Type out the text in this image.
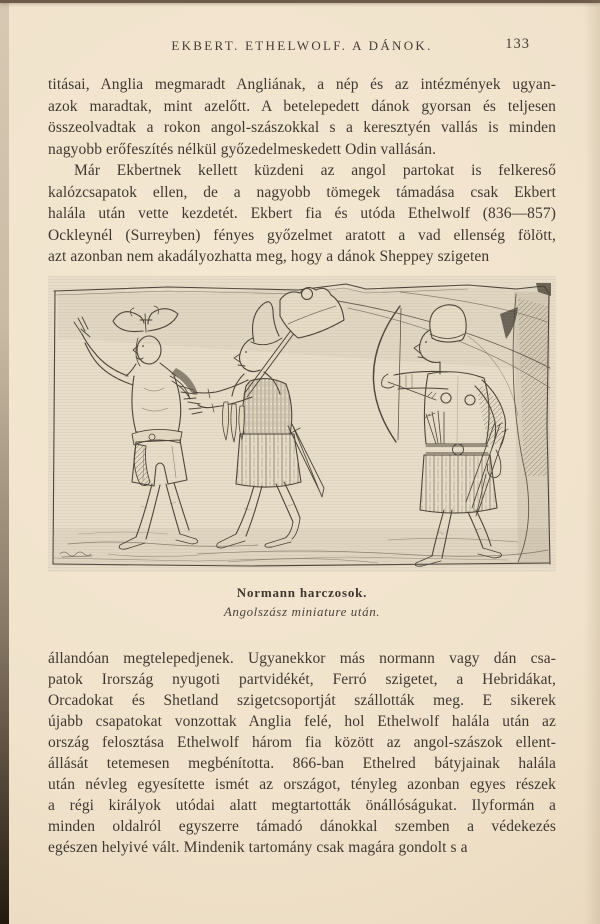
EKBERT. ETHELWOLF. A DÁNOK.	133
titásai, Anglia megmaradt Angliának, a nép és az intézmények ugyan-
azok maradtak, mint azelőtt. A betelepedett dánok gyorsan és teljesen
összeolvadtak a rokon angol-szászokkal s a keresztyén vallás is minden
nagyobb erőfeszítés nélkül győzedelmeskedett Odin vallásán.
Már Ekbertnek kellett küzdeni az angol partokat is felkereső
kalózcsapatok ellen, de a nagyobb tömegek támadása csak Ekbert
halála után vette kezdetét. Ekbert fia és utóda Ethelwolf (836—857)
Ockleynél (Surreyben) fényes győzelmet aratott a vad ellenség fölött,
azt azonban nem akadályozhatta meg, hogy a dánok Sheppey szigeten
Normann harczosok.
Angolszász miniature után.
állandóan megtelepedjenek. Ugyanekkor más normann vagy dán csa-
patok Irország nyugoti partvidékét, Ferró szigetet, a Hebridákat,
Orcadokat és Shetland szigetcsoportját szállották meg. E sikerek
újabb csapatokat vonzottak Anglia felé, hol Ethelwolf halála után az
ország felosztása Ethelwolf három fia között az angol-szászok ellent-
állását tetemesen megbénította. 866-ban Ethelred bátyjainak halála
után névleg egyesítette ismét az országot, tényleg azonban egyes részek
a régi királyok utódai alatt megtartották önállóságukat. Ilyformán a
minden oldalról egyszerre támadó dánokkal szemben a védekezés
egészen helyivé vált. Mindenik tartomány csak magára gondolt s a
